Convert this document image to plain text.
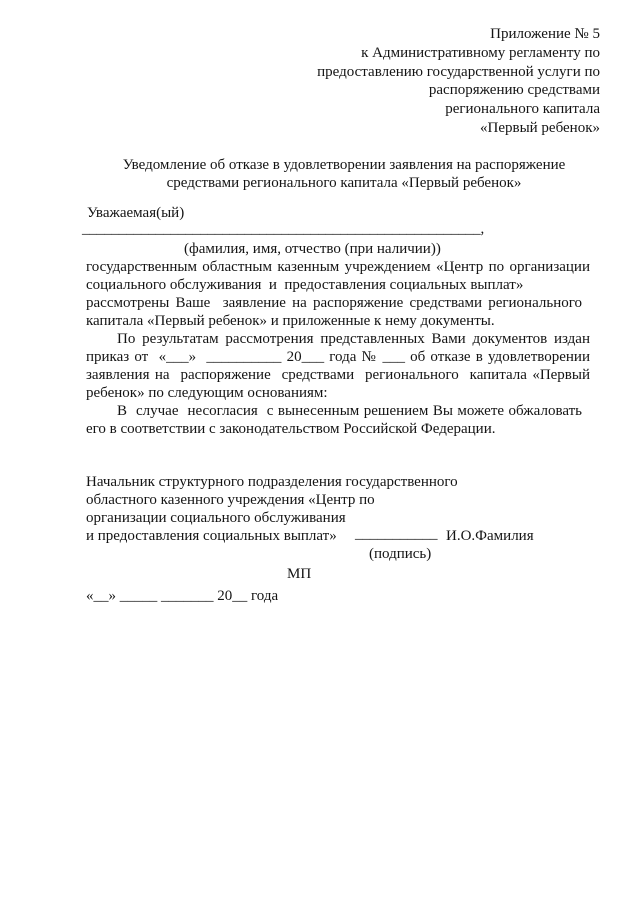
Приложение № 5
к Административному регламенту по
предоставлению государственной услуги по
распоряжению средствами
регионального капитала
«Первый ребенок»
Уведомление об отказе в удовлетворении заявления на распоряжение
средствами регионального капитала «Первый ребенок»
Уважаемая(ый)
______________________________________________________,
(фамилия, имя, отчество (при наличии))
государственным областным казенным учреждением «Центр по организации
социального обслуживания  и  предоставления социальных выплат»
рассмотрены Ваше  заявление на распоряжение средствами регионального
капитала «Первый ребенок» и приложенные к нему документы.
По результатам рассмотрения представленных Вами документов издан
приказ от  «___»  __________ 20___ года № ___ об отказе в удовлетворении
заявления на  распоряжение  средствами  регионального  капитала «Первый
ребенок» по следующим основаниям:
В  случае  несогласия  с вынесенным решением Вы можете обжаловать
его в соответствии с законодательством Российской Федерации.
Начальник структурного подразделения государственного
областного казенного учреждения «Центр по
организации социального обслуживания
и предоставления социальных выплат» ___________ И.О.Фамилия
(подпись)
МП
«__» _____ _______ 20__ года
